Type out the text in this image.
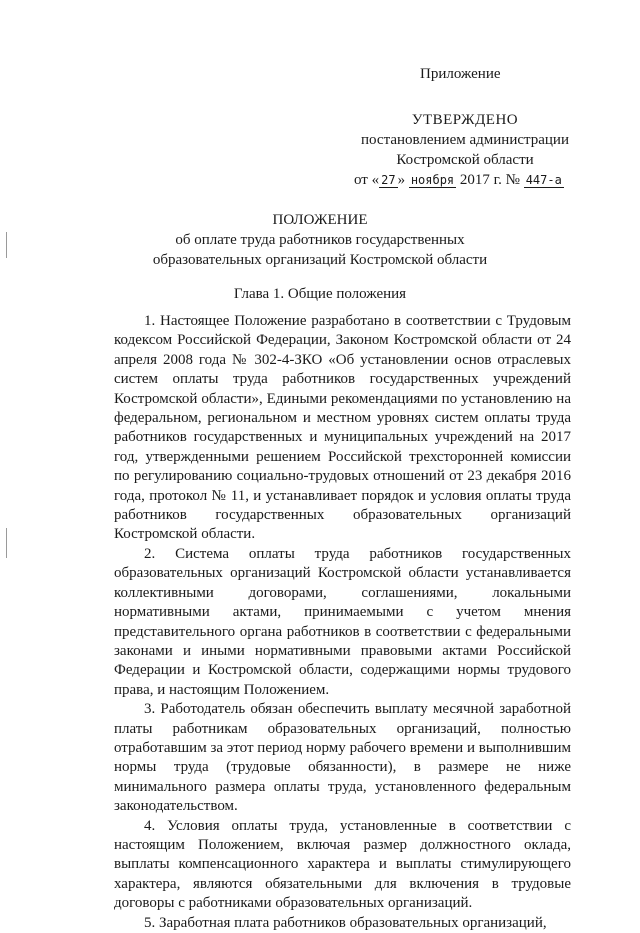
Приложение
УТВЕРЖДЕНО
постановлением администрации
Костромской области
от « 27 » ноября 2017 г. № 447-а
ПОЛОЖЕНИЕ
об оплате труда работников государственных
образовательных организаций Костромской области
Глава 1. Общие положения

1. Настоящее Положение разработано в соответствии с Трудовым кодексом Российской Федерации, Законом Костромской области от 24 апреля 2008 года № 302-4-ЗКО «Об установлении основ отраслевых систем оплаты труда работников государственных учреждений Костромской области», Едиными рекомендациями по установлению на федеральном, региональном и местном уровнях систем оплаты труда работников государственных и муниципальных учреждений на 2017 год, утвержденными решением Российской трехсторонней комиссии по регулированию социально-трудовых отношений от 23 декабря 2016 года, протокол № 11, и устанавливает порядок и условия оплаты труда работников государственных образовательных организаций Костромской области.

2. Система оплаты труда работников государственных образовательных организаций Костромской области устанавливается коллективными договорами, соглашениями, локальными нормативными актами, принимаемыми с учетом мнения представительного органа работников в соответствии с федеральными законами и иными нормативными правовыми актами Российской Федерации и Костромской области, содержащими нормы трудового права, и настоящим Положением.

3. Работодатель обязан обеспечить выплату месячной заработной платы работникам образовательных организаций, полностью отработавшим за этот период норму рабочего времени и выполнившим нормы труда (трудовые обязанности), в размере не ниже минимального размера оплаты труда, установленного федеральным законодательством.

4. Условия оплаты труда, установленные в соответствии с настоящим Положением, включая размер должностного оклада, выплаты компенсационного характера и выплаты стимулирующего характера, являются обязательными для включения в трудовые договоры с работниками образовательных организаций.

5. Заработная плата работников образовательных организаций,
